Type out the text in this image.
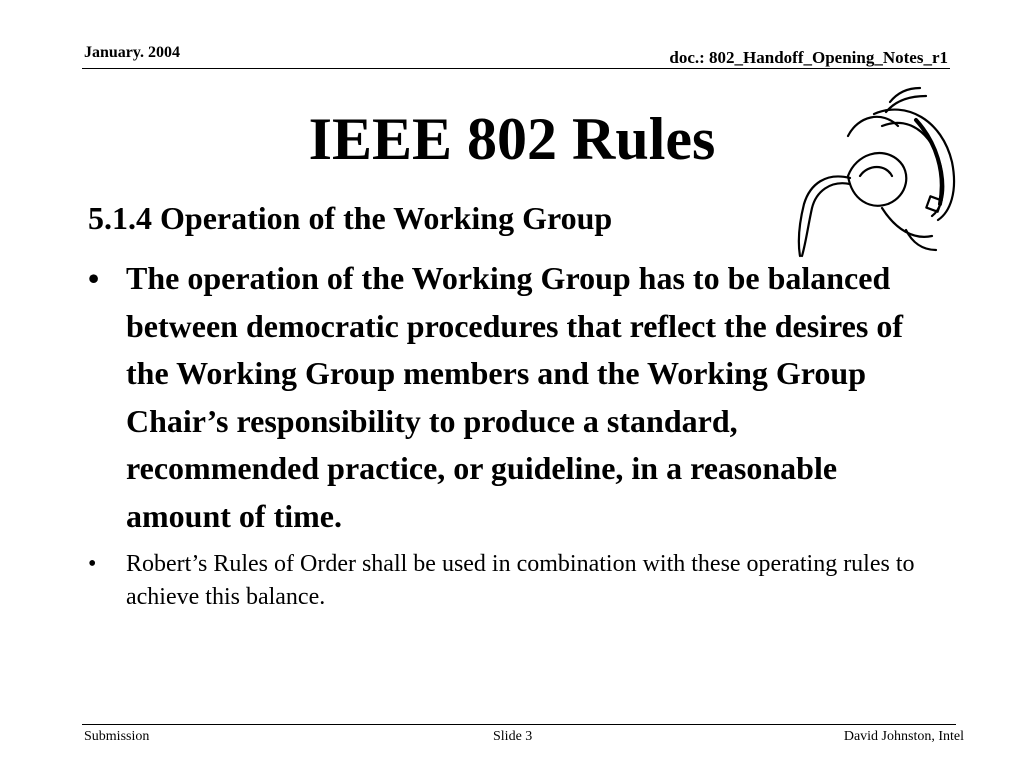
January. 2004	doc.: 802_Handoff_Opening_Notes_r1
IEEE 802 Rules
5.1.4 Operation of the Working Group
• The operation of the Working Group has to be balanced between democratic procedures that reflect the desires of the Working Group members and the Working Group Chair’s responsibility to produce a standard, recommended practice, or guideline, in a reasonable amount of time.
• Robert’s Rules of Order shall be used in combination with these operating rules to achieve this balance.
Submission	Slide 3	David Johnston, Intel
